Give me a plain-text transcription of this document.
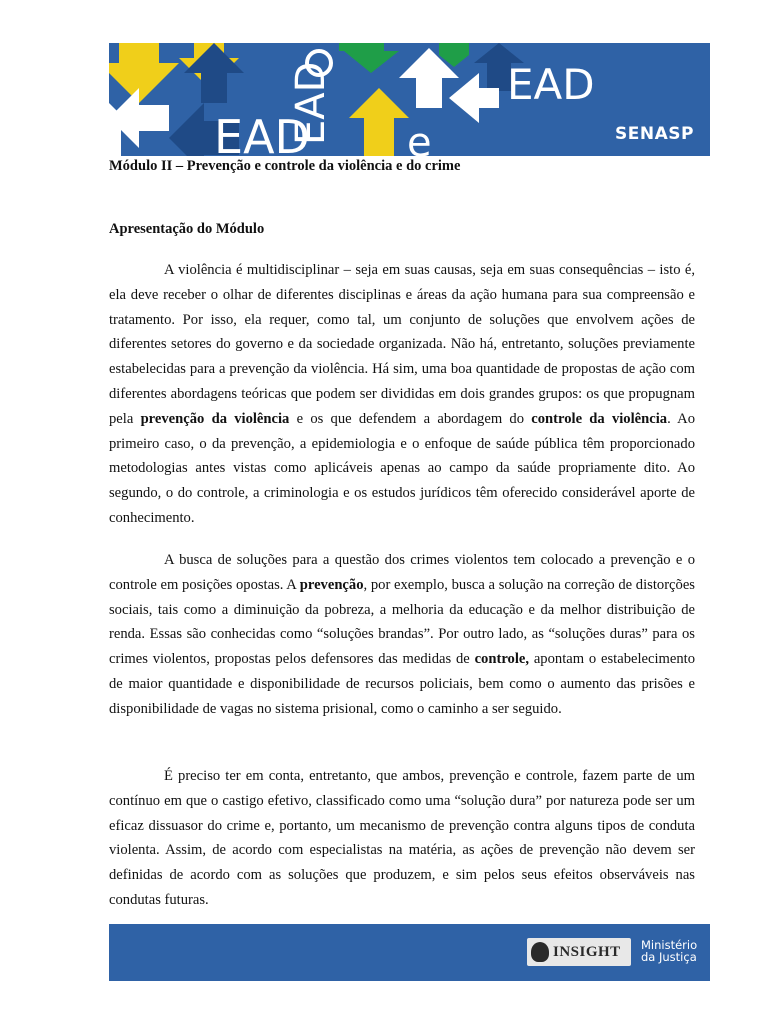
EAD
EAD	EAD
e	SENASP
Módulo II – Prevenção e controle da violência e do crime
Apresentação do Módulo

A violência é multidisciplinar – seja em suas causas, seja em suas consequências – isto é, ela deve receber o olhar de diferentes disciplinas e áreas da ação humana para sua compreensão e tratamento. Por isso, ela requer, como tal, um conjunto de soluções que envolvem ações de diferentes setores do governo e da sociedade organizada. Não há, entretanto, soluções previamente estabelecidas para a prevenção da violência. Há sim, uma boa quantidade de propostas de ação com diferentes abordagens teóricas que podem ser divididas em dois grandes grupos: os que propugnam pela prevenção da violência e os que defendem a abordagem do controle da violência. Ao primeiro caso, o da prevenção, a epidemiologia e o enfoque de saúde pública têm proporcionado metodologias antes vistas como aplicáveis apenas ao campo da saúde propriamente dito. Ao segundo, o do controle, a criminologia e os estudos jurídicos têm oferecido considerável aporte de conhecimento.

A busca de soluções para a questão dos crimes violentos tem colocado a prevenção e o controle em posições opostas. A prevenção, por exemplo, busca a solução na correção de distorções sociais, tais como a diminuição da pobreza, a melhoria da educação e da melhor distribuição de renda. Essas são conhecidas como “soluções brandas”. Por outro lado, as “soluções duras” para os crimes violentos, propostas pelos defensores das medidas de controle, apontam o estabelecimento de maior quantidade e disponibilidade de recursos policiais, bem como o aumento das prisões e disponibilidade de vagas no sistema prisional, como o caminho a ser seguido.

É preciso ter em conta, entretanto, que ambos, prevenção e controle, fazem parte de um contínuo em que o castigo efetivo, classificado como uma “solução dura” por natureza pode ser um eficaz dissuasor do crime e, portanto, um mecanismo de prevenção contra alguns tipos de conduta violenta. Assim, de acordo com especialistas na matéria, as ações de prevenção não devem ser definidas de acordo com as soluções que produzem, e sim pelos seus efeitos observáveis nas condutas futuras.

INSIGHT Ministério
da Justiça
